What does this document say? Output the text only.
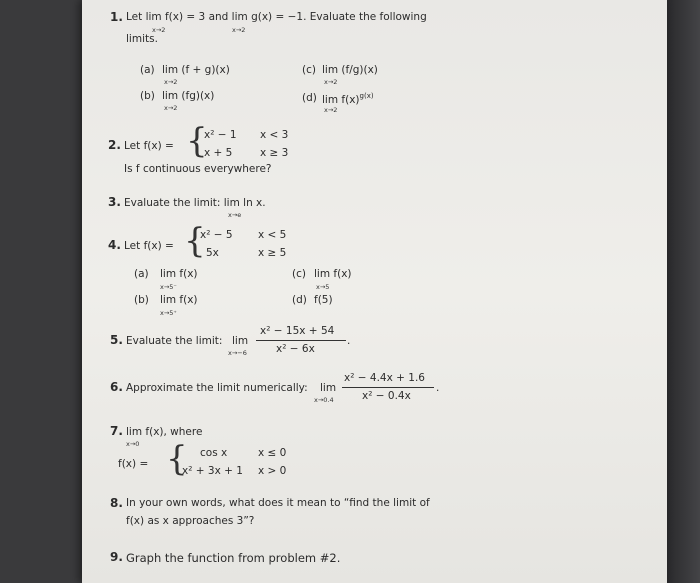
1. Let lim f(x) = 3 and lim g(x) = −1. Evaluate the following
x→2	x→2
limits.
(a) lim (f + g)(x)
x→2
(b) lim (fg)(x)
x→2
(c) lim (f/g)(x)
x→2
(d) $\lim f(x)^{g(x)}$
x→2
2. Let f(x) = {
x² − 1 x < 3
x + 5	x ≥ 3
Is f continuous everywhere?
3. Evaluate the limit: lim ln x.
x→e
4. Let f(x) = {
x² − 5 x < 5
5x	x ≥ 5
(a) lim f(x)
x→5⁻
(b) lim f(x)
x→5⁺
(c) lim f(x)
x→5
(d) f(5)
5. Evaluate the limit: lim
x→−6
x² − 15x + 54
x² − 6x
.
6. Approximate the limit numerically: lim
x→0.4
x² − 4.4x + 1.6
x² − 0.4x
.
7. lim f(x), where
x→0
f(x) = { cos x	x ≤ 0
x² + 3x + 1 x > 0
8. In your own words, what does it mean to “find the limit of
f(x) as x approaches 3”?
9. Graph the function from problem #2.
